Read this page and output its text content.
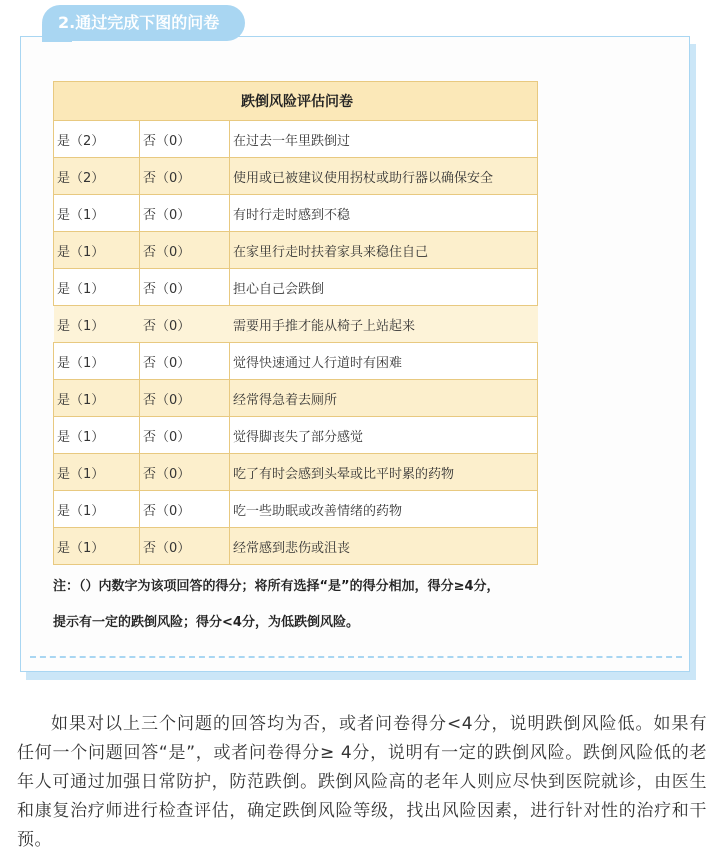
2.通过完成下图的问卷
跌倒风险评估问卷		
是（2）	否（0）	在过去一年里跌倒过
是（2）	否（0）	使用或已被建议使用拐杖或助行器以确保安全
是（1）	否（0）	有时行走时感到不稳
是（1）	否（0）	在家里行走时扶着家具来稳住自己
是（1）	否（0）	担心自己会跌倒
是（1）	否（0）	需要用手推才能从椅子上站起来
是（1）	否（0）	觉得快速通过人行道时有困难
是（1）	否（0）	经常得急着去厕所
是（1）	否（0）	觉得脚丧失了部分感觉
是（1）	否（0）	吃了有时会感到头晕或比平时累的药物
是（1）	否（0）	吃一些助眠或改善情绪的药物
是（1）	否（0）	经常感到悲伤或沮丧
注：（）内数字为该项回答的得分；将所有选择“是”的得分相加，得分≥4分，
提示有一定的跌倒风险；得分<4分，为低跌倒风险。
如果对以上三个问题的回答均为否，或者问卷得分<4分，说明跌倒风险低。如果有任何一个问题回答“是”，或者问卷得分≥ 4分，说明有一定的跌倒风险。跌倒风险低的老年人可通过加强日常防护，防范跌倒。跌倒风险高的老年人则应尽快到医院就诊，由医生和康复治疗师进行检查评估，确定跌倒风险等级，找出风险因素，进行针对性的治疗和干预。
